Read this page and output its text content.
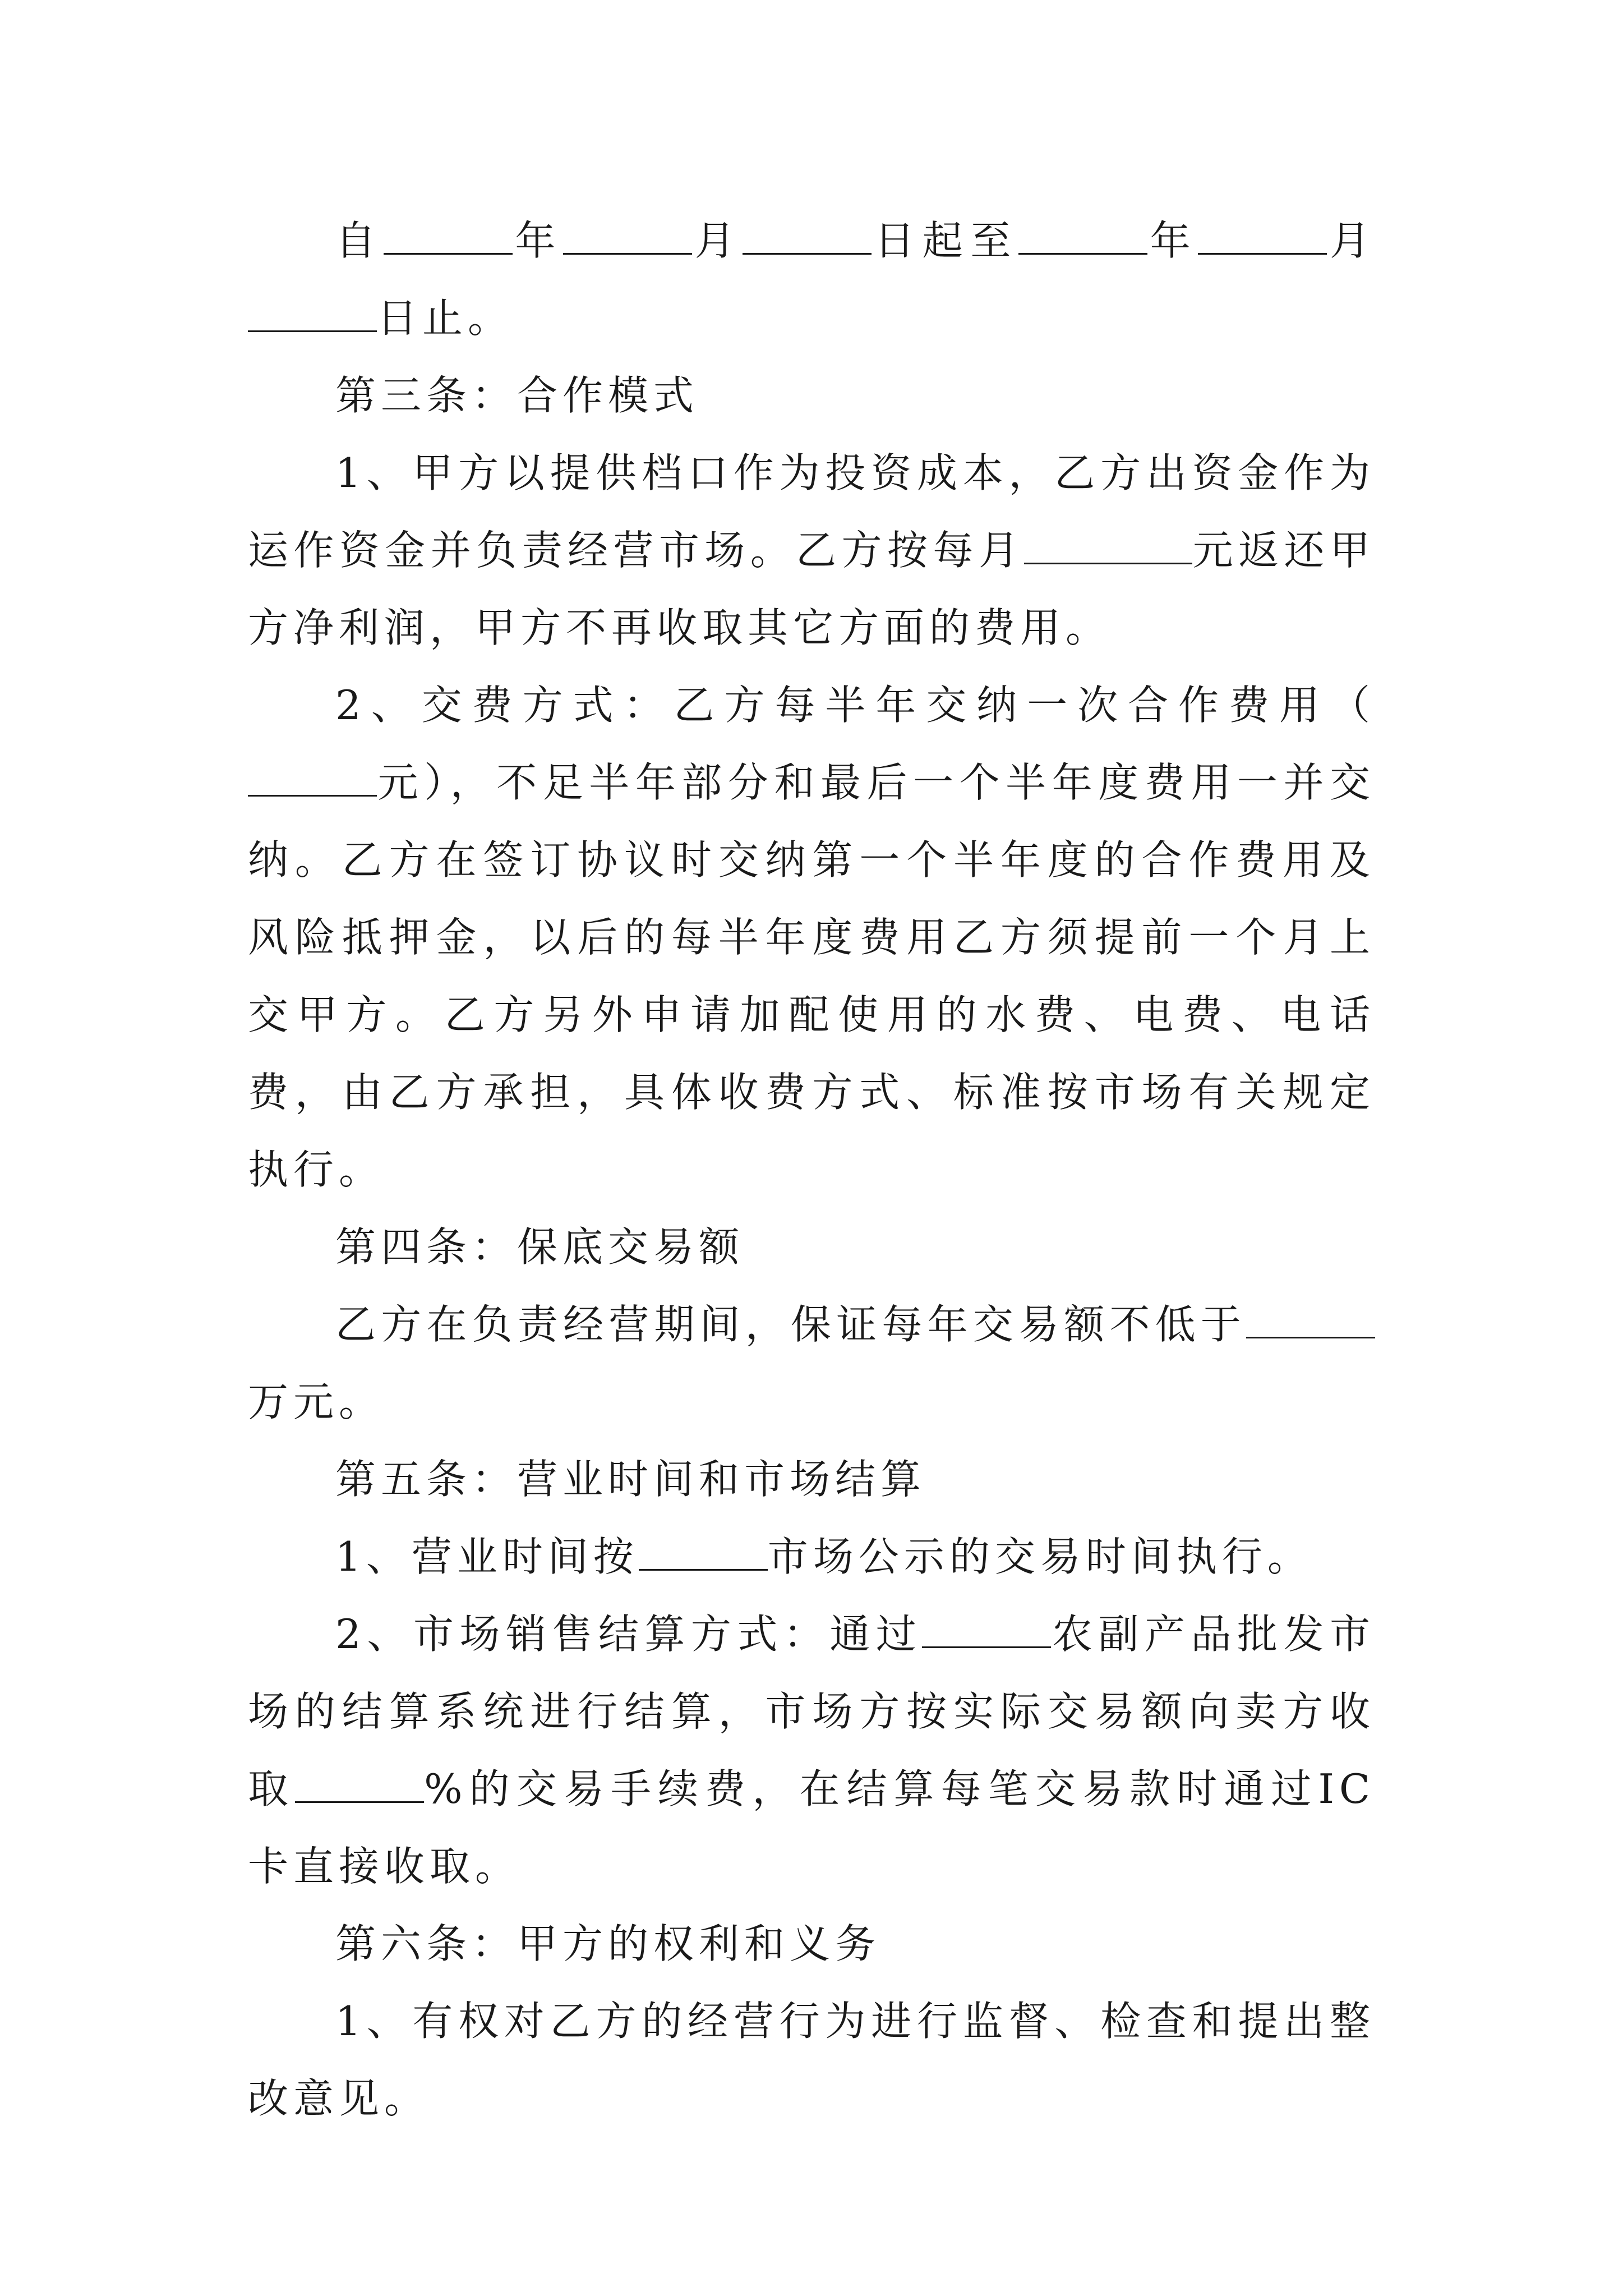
自	年	月	日起至	年	月日止。

第三条：合作模式

1、甲方以提供档口作为投资成本，乙方出资金作为运作资金并负责经营市场。乙方按每月	元返还甲方净利润，甲方不再收取其它方面的费用。

2、交费方式：乙方每半年交纳一次合作费用（元），不足半年部分和最后一个半年度费用一并交纳。乙方在签订协议时交纳第一个半年度的合作费用及风险抵押金，以后的每半年度费用乙方须提前一个月上交甲方。乙方另外申请加配使用的水费、电费、电话费，由乙方承担，具体收费方式、标准按市场有关规定执行。

第四条：保底交易额

乙方在负责经营期间，保证每年交易额不低于万元。

第五条：营业时间和市场结算

1、营业时间按	市场公示的交易时间执行。

2、市场销售结算方式：通过	农副产品批发市场的结算系统进行结算，市场方按实际交易额向卖方收取	%的交易手续费，在结算每笔交易款时通过IC卡直接收取。

第六条：甲方的权利和义务

1、有权对乙方的经营行为进行监督、检查和提出整改意见。
